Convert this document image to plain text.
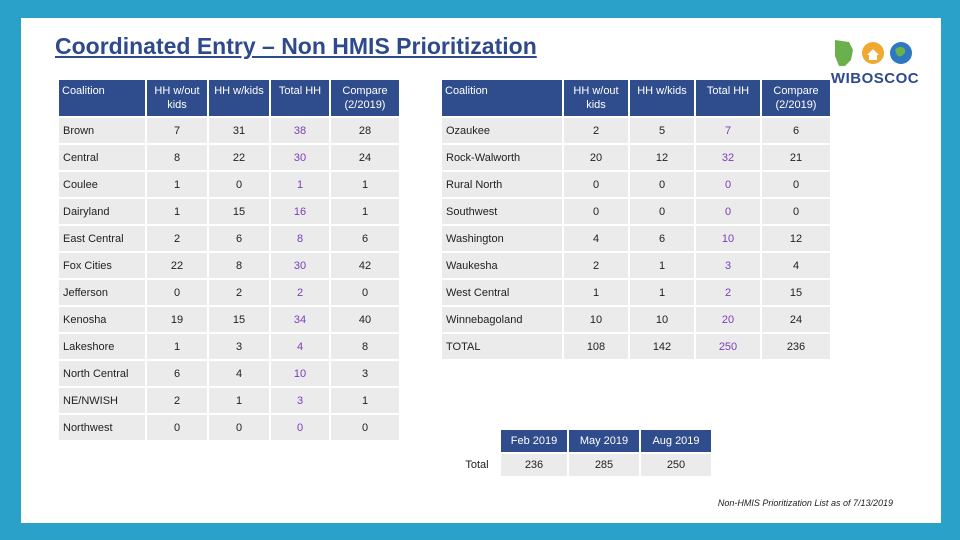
Coordinated Entry – Non HMIS Prioritization
WIBOSCOC
Coalition	HH w/out kids	HH w/kids	Total HH	Compare (2/2019)
Brown	7	31	38	28
Central	8	22	30	24
Coulee	1	0	1	1
Dairyland	1	15	16	1
East Central	2	6	8	6
Fox Cities	22	8	30	42
Jefferson	0	2	2	0
Kenosha	19	15	34	40
Lakeshore	1	3	4	8
North Central	6	4	10	3
NE/NWISH	2	1	3	1
Northwest	0	0	0	0
Coalition	HH w/out kids	HH w/kids	Total HH	Compare (2/2019)
Ozaukee	2	5	7	6
Rock-Walworth	20	12	32	21
Rural North	0	0	0	0
Southwest	0	0	0	0
Washington	4	6	10	12
Waukesha	2	1	3	4
West Central	1	1	2	15
Winnebagoland	10	10	20	24
TOTAL	108	142	250	236
	Feb 2019	May 2019	Aug 2019
Total	236	285	250
Non-HMIS Prioritization List as of 7/13/2019
